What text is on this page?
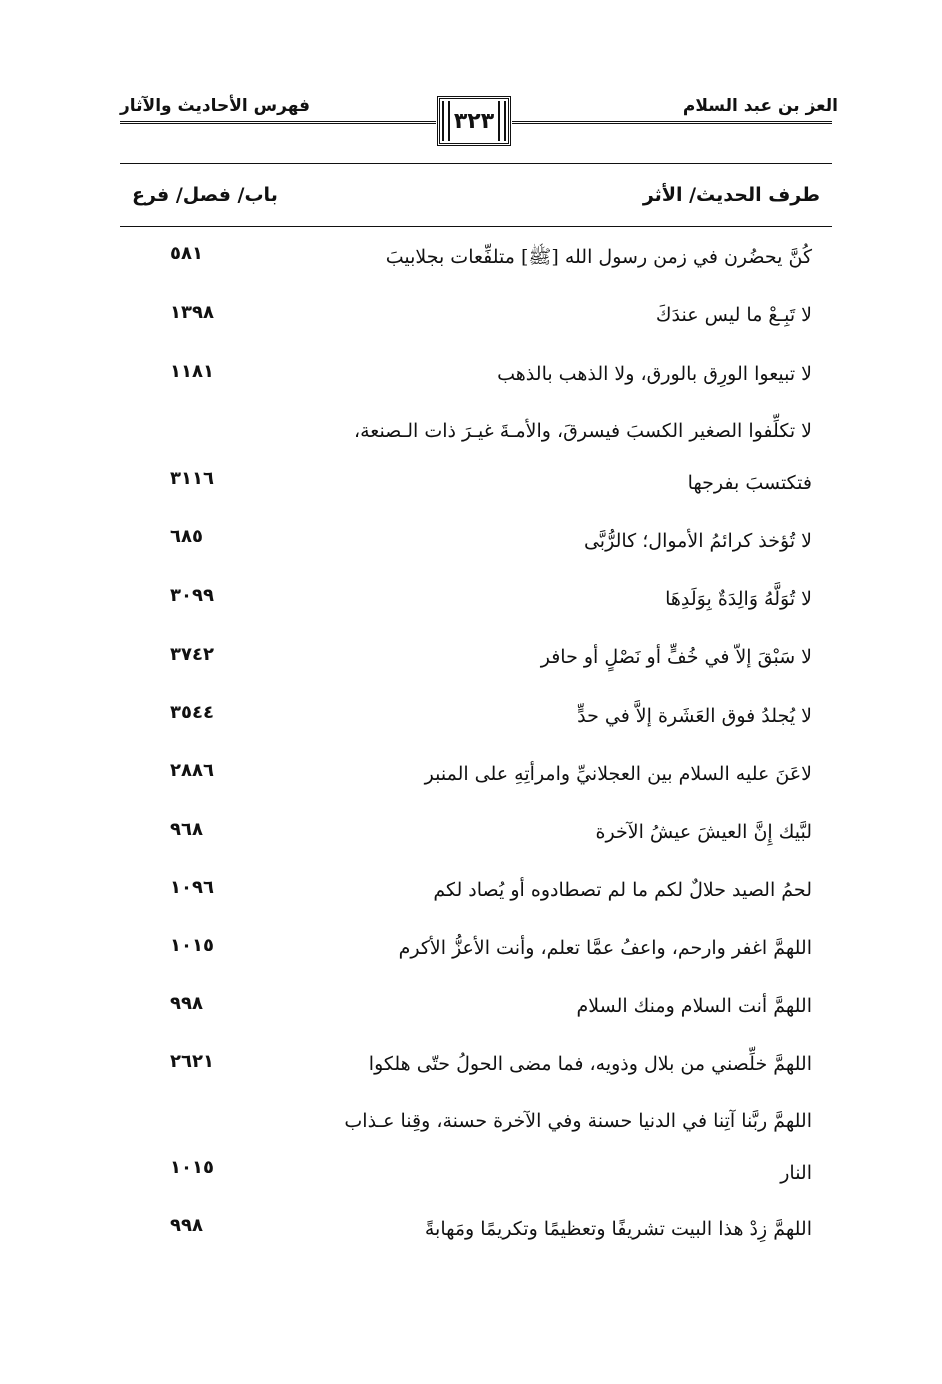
العز بن عبد السلام
فهرس الأحاديث والآثار
٣٢٣
طرف الحديث/ الأثر
باب/ فصل/ فرع
كُنَّ يحضُرن في زمن رسول الله [ﷺ] متلفِّعات بجلابيبَ
٥٨١
لا تَبِـعْ ما ليس عندَكَ
١٣٩٨
لا تبيعوا الورِق بالورق، ولا الذهب بالذهب
١١٨١
لا تكلِّفوا الصغير الكسبَ فيسرقَ، والأمـةَ غيـرَ ذات الـصنعة،
فتكتسبَ بفرجها
٣١١٦
لا تُؤخذ كرائمُ الأموال؛ كالرُّبَّى
٦٨٥
لا تُوَلَّهُ وَالِدَةٌ بِوَلَدِهَا
٣٠٩٩
لا سَبْقَ إلاّ في خُفٍّ أو نَصْلٍ أو حافر
٣٧٤٢
لا يُجلدُ فوق العَشَرة إلاَّ في حدٍّ
٣٥٤٤
لاعَنَ عليه السلام بين العجلانيِّ وامرأتِهِ على المنبر
٢٨٨٦
لبَّيك إِنَّ العيشَ عيشُ الآخرة
٩٦٨
لحمُ الصيد حلالٌ لكم ما لم تصطادوه أو يُصاد لكم
١٠٩٦
اللهمَّ اغفر وارحم، واعفُ عمَّا تعلم، وأنت الأعزُّ الأكرم
١٠١٥
اللهمَّ أنت السلام ومنك السلام
٩٩٨
اللهمَّ خلِّصني من بلال وذويه، فما مضى الحولُ حتّى هلكوا
٢٦٢١
اللهمَّ ربَّنا آتِنا في الدنيا حسنة وفي الآخرة حسنة، وقِنا عـذاب
النار
١٠١٥
اللهمَّ زِدْ هذا البيت تشريفًا وتعظيمًا وتكريمًا ومَهابةً
٩٩٨
